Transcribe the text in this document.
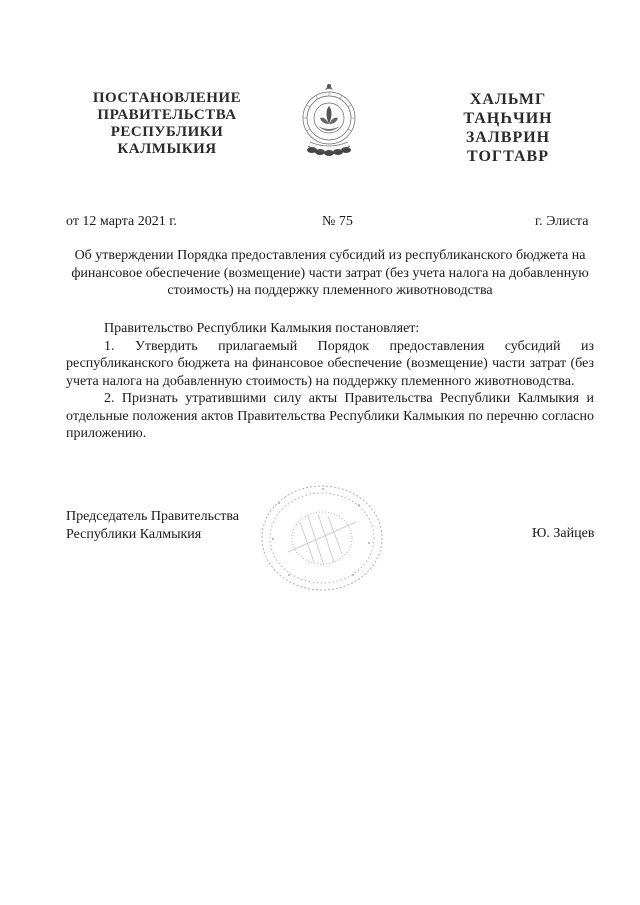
ПОСТАНОВЛЕНИЕ
ПРАВИТЕЛЬСТВА
РЕСПУБЛИКИ
КАЛМЫКИЯ
ХАЛЬМГ
ТАҢҺЧИН
ЗАЛВРИН
ТОГТАВР
от 12 марта 2021 г.	№ 75	г. Элиста
Об утверждении Порядка предоставления субсидий из республиканского бюджета на финансовое обеспечение (возмещение) части затрат (без учета налога на добавленную стоимость) на поддержку племенного животноводства

Правительство Республики Калмыкия постановляет:

1. Утвердить прилагаемый Порядок предоставления субсидий из республиканского бюджета на финансовое обеспечение (возмещение) части затрат (без учета налога на добавленную стоимость) на поддержку племенного животноводства.

2. Признать утратившими силу акты Правительства Республики Калмыкия и отдельные положения актов Правительства Республики Калмыкия по перечню согласно приложению.

Председатель Правительства
Республики Калмыкия	Ю. Зайцев
